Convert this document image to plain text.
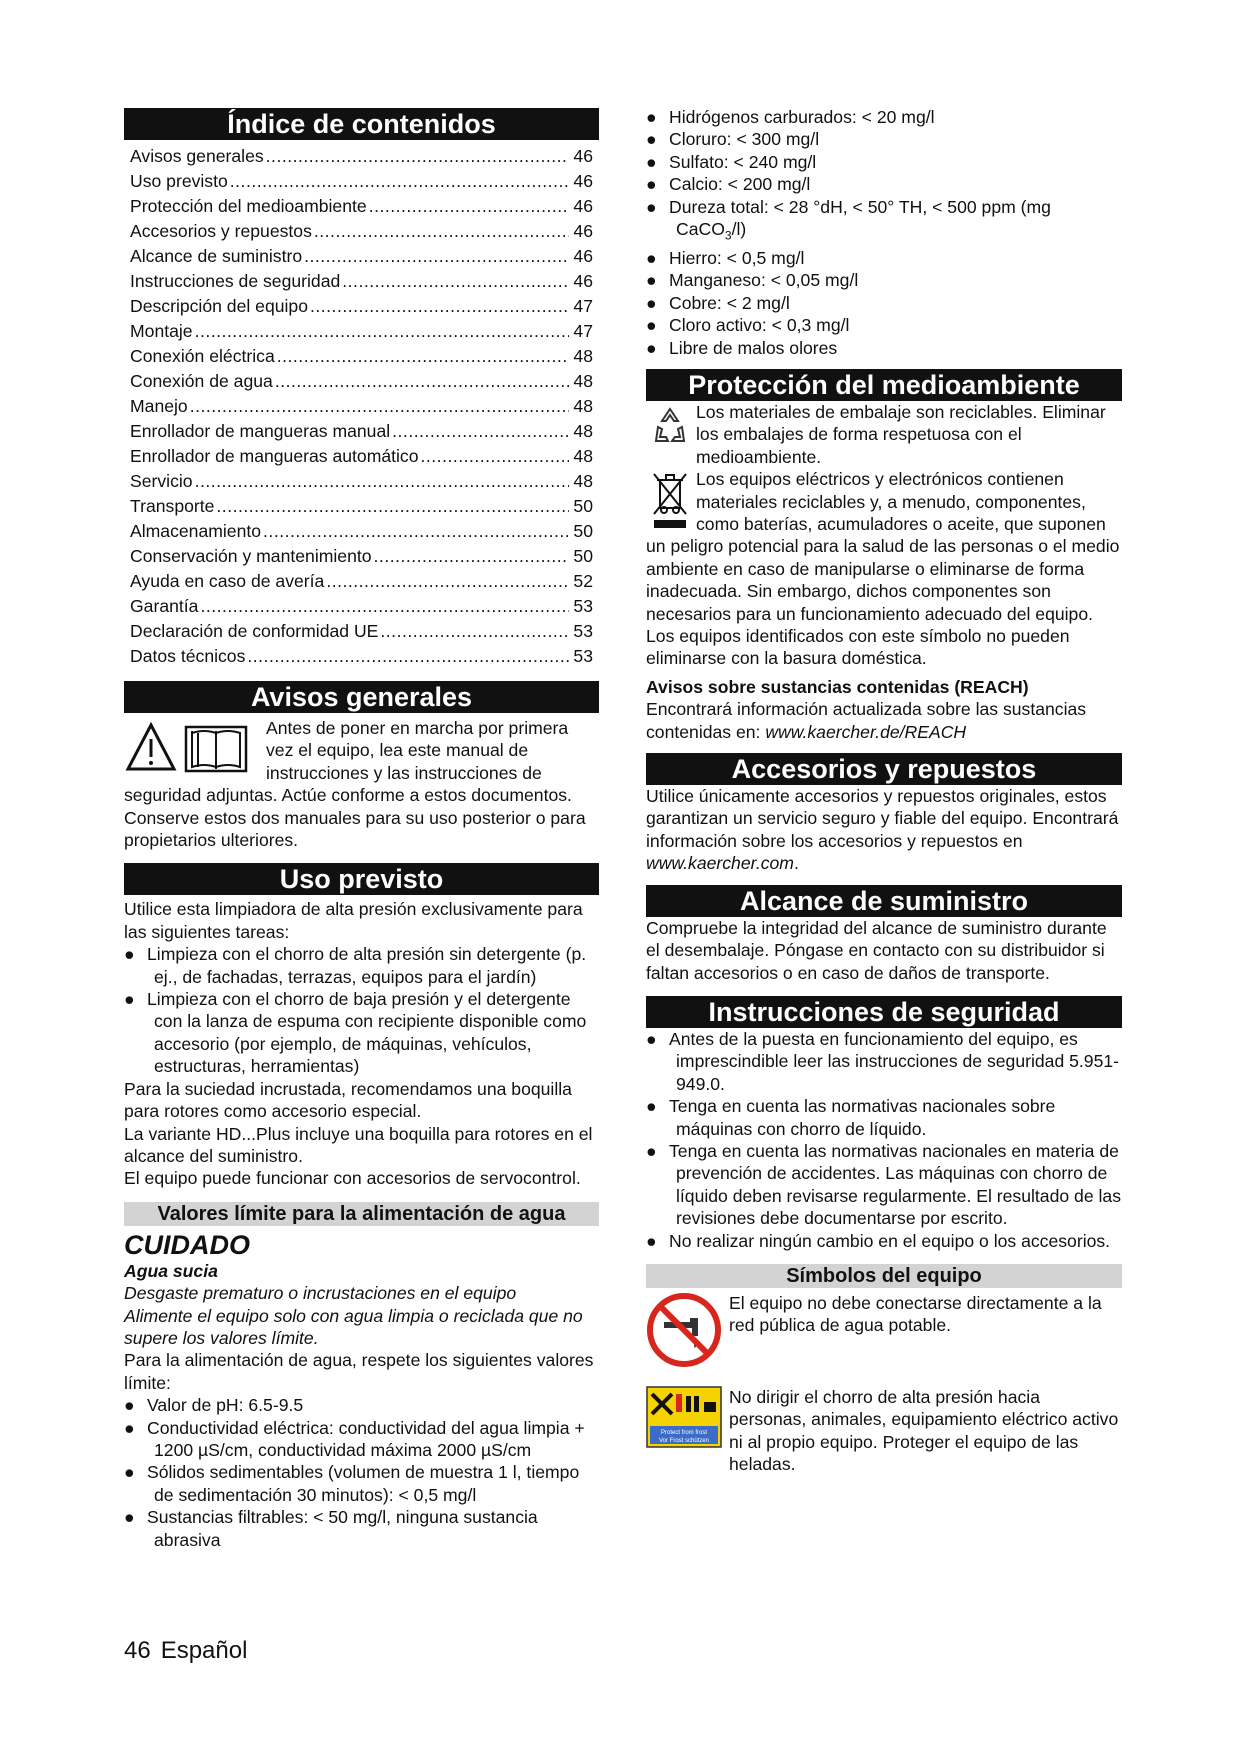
Índice de contenidos
Avisos generales .....	46
Uso previsto .....	46
Protección del medioambiente .....	46
Accesorios y repuestos .....	46
Alcance de suministro .....	46
Instrucciones de seguridad .....	46
Descripción del equipo .....	47
Montaje .....	47
Conexión eléctrica .....	48
Conexión de agua .....	48
Manejo .....	48
Enrollador de mangueras manual .....	48
Enrollador de mangueras automático .....	48
Servicio .....	48
Transporte .....	50
Almacenamiento .....	50
Conservación y mantenimiento .....	50
Ayuda en caso de avería .....	52
Garantía .....	53
Declaración de conformidad UE .....	53
Datos técnicos .....	53
Avisos generales

Antes de poner en marcha por primera vez el equipo, lea este manual de instrucciones y las instrucciones de seguridad adjuntas. Actúe conforme a estos documentos. Conserve estos dos manuales para su uso posterior o para propietarios ulteriores.

Uso previsto

Utilice esta limpiadora de alta presión exclusivamente para las siguientes tareas:

● Limpieza con el chorro de alta presión sin detergente (p. ej., de fachadas, terrazas, equipos para el jardín)
● Limpieza con el chorro de baja presión y el detergente con la lanza de espuma con recipiente disponible como accesorio (por ejemplo, de máquinas, vehículos, estructuras, herramientas)

Para la suciedad incrustada, recomendamos una boquilla para rotores como accesorio especial.

La variante HD...Plus incluye una boquilla para rotores en el alcance del suministro.

El equipo puede funcionar con accesorios de servocontrol.

Valores límite para la alimentación de agua
CUIDADO

Agua sucia

Desgaste prematuro o incrustaciones en el equipo

Alimente el equipo solo con agua limpia o reciclada que no supere los valores límite.

Para la alimentación de agua, respete los siguientes valores límite:

● Valor de pH: 6.5-9.5
● Conductividad eléctrica: conductividad del agua limpia + 1200 µS/cm, conductividad máxima 2000 µS/cm
● Sólidos sedimentables (volumen de muestra 1 l, tiempo de sedimentación 30 minutos): < 0,5 mg/l
● Sustancias filtrables: < 50 mg/l, ninguna sustancia abrasiva
● Hidrógenos carburados: < 20 mg/l
● Cloruro: < 300 mg/l
● Sulfato: < 240 mg/l
● Calcio: < 200 mg/l
● Dureza total: < 28 °dH, < 50° TH, < 500 ppm (mg CaCO$_3$/l)
● Hierro: < 0,5 mg/l
● Manganeso: < 0,05 mg/l
● Cobre: < 2 mg/l
● Cloro activo: < 0,3 mg/l
● Libre de malos olores
Protección del medioambiente

Los materiales de embalaje son reciclables. Eliminar los embalajes de forma respetuosa con el medioambiente.

Los equipos eléctricos y electrónicos contienen materiales reciclables y, a menudo, componentes, como baterías, acumuladores o aceite, que suponen un peligro potencial para la salud de las personas o el medio ambiente en caso de manipularse o eliminarse de forma inadecuada. Sin embargo, dichos componentes son necesarios para un funcionamiento adecuado del equipo. Los equipos identificados con este símbolo no pueden eliminarse con la basura doméstica.

Avisos sobre sustancias contenidas (REACH)

Encontrará información actualizada sobre las sustancias contenidas en: www.kaercher.de/REACH

Accesorios y repuestos

Utilice únicamente accesorios y repuestos originales, estos garantizan un servicio seguro y fiable del equipo. Encontrará información sobre los accesorios y repuestos en www.kaercher.com.

Alcance de suministro

Compruebe la integridad del alcance de suministro durante el desembalaje. Póngase en contacto con su distribuidor si faltan accesorios o en caso de daños de transporte.

Instrucciones de seguridad
● Antes de la puesta en funcionamiento del equipo, es imprescindible leer las instrucciones de seguridad 5.951-949.0.
● Tenga en cuenta las normativas nacionales sobre máquinas con chorro de líquido.
● Tenga en cuenta las normativas nacionales en materia de prevención de accidentes. Las máquinas con chorro de líquido deben revisarse regularmente. El resultado de las revisiones debe documentarse por escrito.
● No realizar ningún cambio en el equipo o los accesorios.
Símbolos del equipo

El equipo no debe conectarse directamente a la red pública de agua potable.

Protect from frost
Vor Frost schützen

No dirigir el chorro de alta presión hacia personas, animales, equipamiento eléctrico activo ni al propio equipo. Proteger el equipo de las heladas.

46 Español
